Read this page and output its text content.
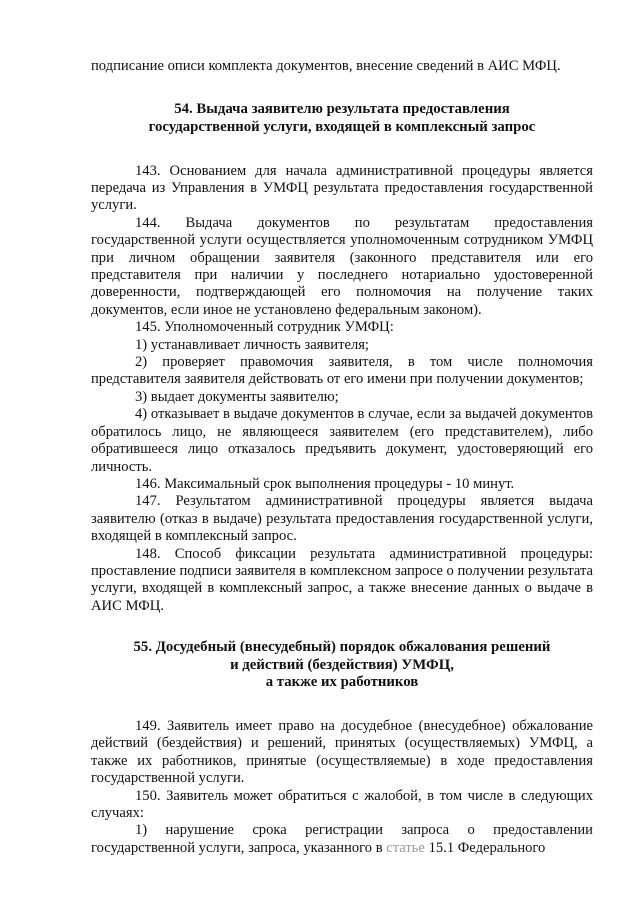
подписание описи комплекта документов, внесение сведений в АИС МФЦ.

54. Выдача заявителю результата предоставления
государственной услуги, входящей в комплексный запрос

143. Основанием для начала административной процедуры является передача из Управления в УМФЦ результата предоставления государственной услуги.

144. Выдача документов по результатам предоставления государственной услуги осуществляется уполномоченным сотрудником УМФЦ при личном обращении заявителя (законного представителя или его представителя при наличии у последнего нотариально удостоверенной доверенности, подтверждающей его полномочия на получение таких документов, если иное не установлено федеральным законом).

145. Уполномоченный сотрудник УМФЦ:

1) устанавливает личность заявителя;

2) проверяет правомочия заявителя, в том числе полномочия представителя заявителя действовать от его имени при получении документов;

3) выдает документы заявителю;

4) отказывает в выдаче документов в случае, если за выдачей документов обратилось лицо, не являющееся заявителем (его представителем), либо обратившееся лицо отказалось предъявить документ, удостоверяющий его личность.

146. Максимальный срок выполнения процедуры - 10 минут.

147. Результатом административной процедуры является выдача заявителю (отказ в выдаче) результата предоставления государственной услуги, входящей в комплексный запрос.

148. Способ фиксации результата административной процедуры: проставление подписи заявителя в комплексном запросе о получении результата услуги, входящей в комплексный запрос, а также внесение данных о выдаче в АИС МФЦ.

55. Досудебный (внесудебный) порядок обжалования решений
и действий (бездействия) УМФЦ,
а также их работников

149. Заявитель имеет право на досудебное (внесудебное) обжалование действий (бездействия) и решений, принятых (осуществляемых) УМФЦ, а также их работников, принятые (осуществляемые) в ходе предоставления государственной услуги.

150. Заявитель может обратиться с жалобой, в том числе в следующих случаях:

1) нарушение срока регистрации запроса о предоставлении государственной услуги, запроса, указанного в статье 15.1 Федерального
